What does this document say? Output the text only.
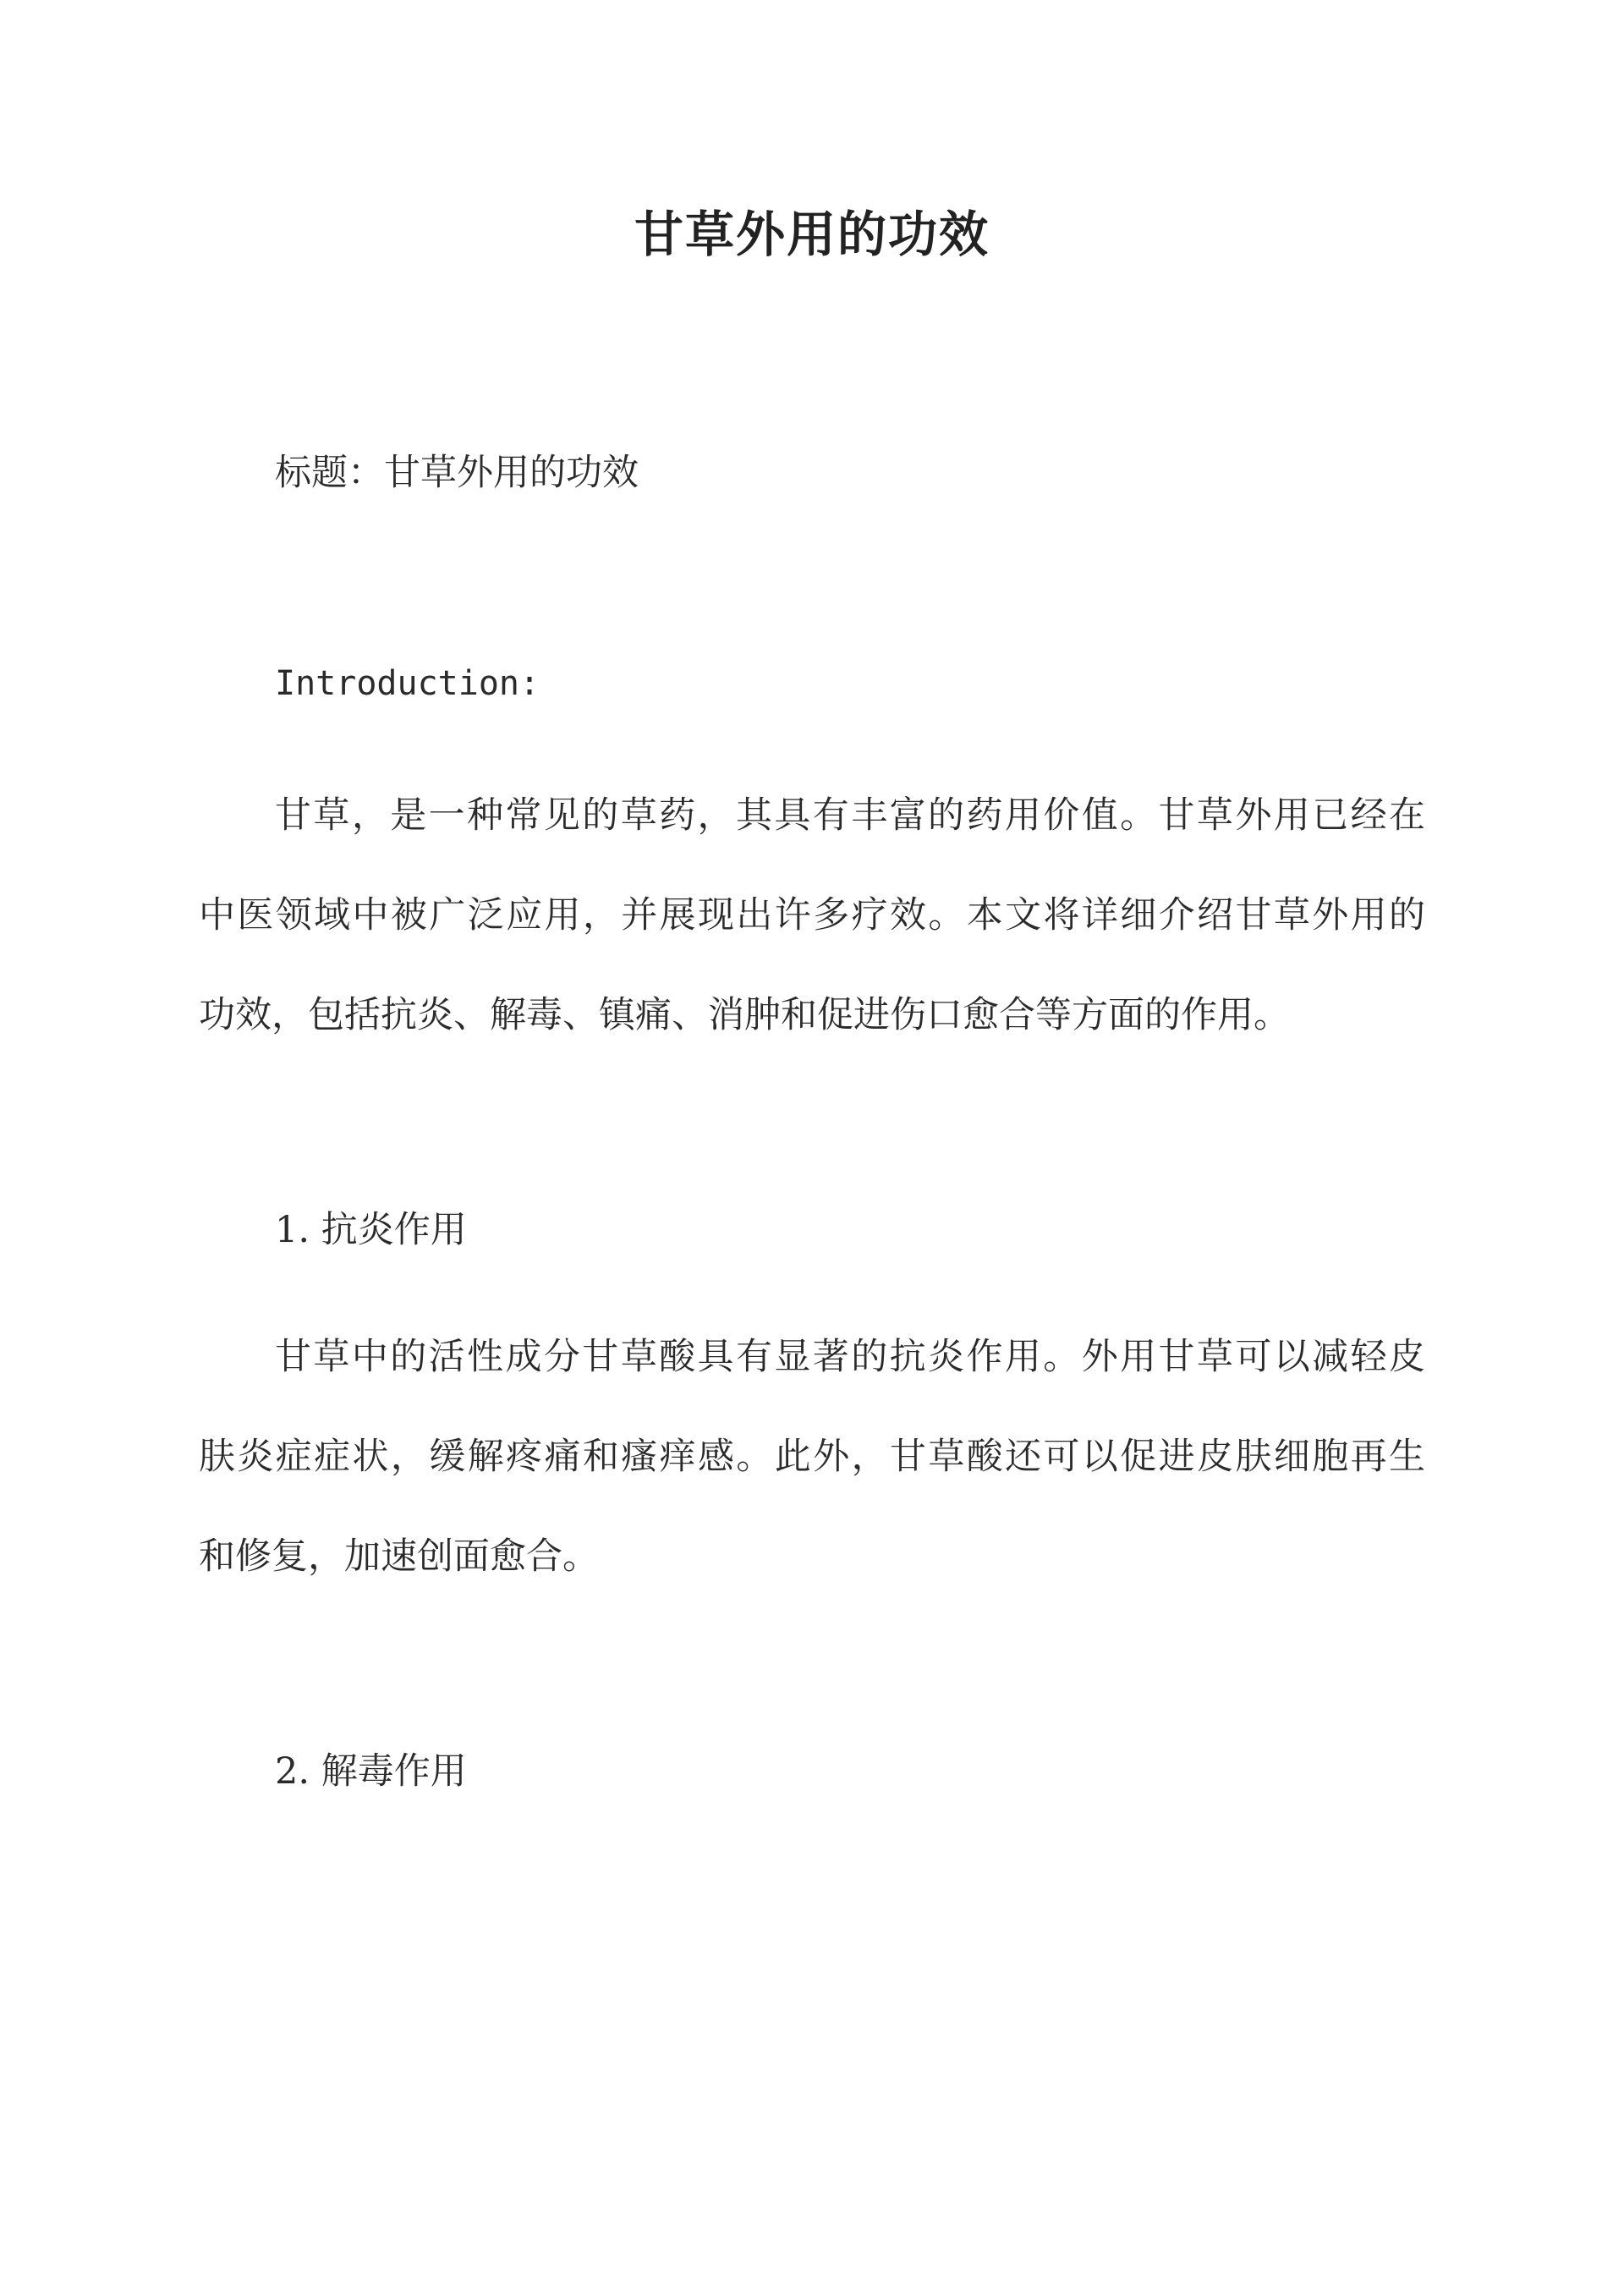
甘草外用的功效
标题：甘草外用的功效
Introduction:
甘草，是一种常见的草药，其具有丰富的药用价值。甘草外用已经在
中医领域中被广泛应用，并展现出许多疗效。本文将详细介绍甘草外用的
功效，包括抗炎、解毒、镇痛、消肿和促进伤口愈合等方面的作用。
1. 抗炎作用
甘草中的活性成分甘草酸具有显著的抗炎作用。外用甘草可以减轻皮
肤炎症症状，缓解疼痛和瘙痒感。此外，甘草酸还可以促进皮肤细胞再生
和修复，加速创面愈合。
2. 解毒作用
